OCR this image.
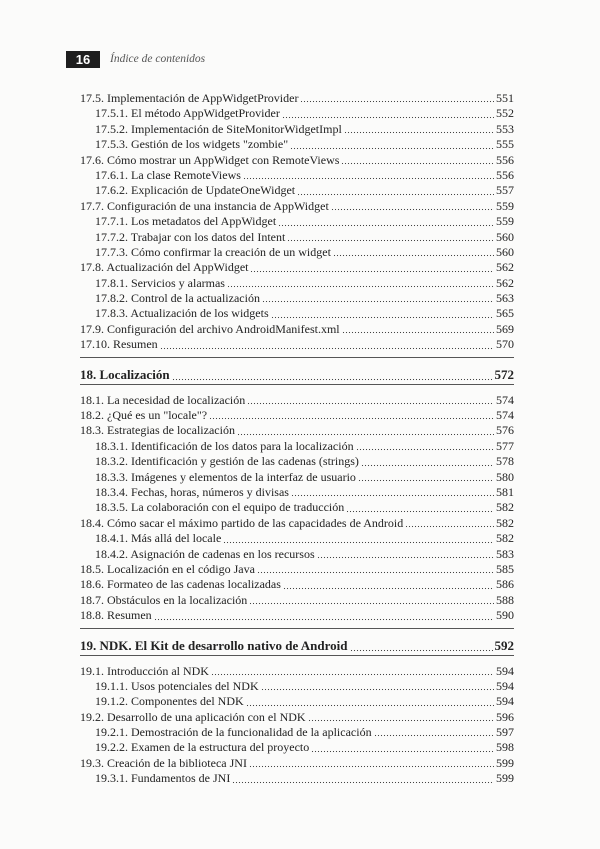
16	Índice de contenidos
17.5. Implementación de AppWidgetProvider	551
17.5.1. El método AppWidgetProvider	552
17.5.2. Implementación de SiteMonitorWidgetImpl	553
17.5.3. Gestión de los widgets "zombie"	555
17.6. Cómo mostrar un AppWidget con RemoteViews	556
17.6.1. La clase RemoteViews	556
17.6.2. Explicación de UpdateOneWidget	557
17.7. Configuración de una instancia de AppWidget	559
17.7.1. Los metadatos del AppWidget	559
17.7.2. Trabajar con los datos del Intent	560
17.7.3. Cómo confirmar la creación de un widget	560
17.8. Actualización del AppWidget	562
17.8.1. Servicios y alarmas	562
17.8.2. Control de la actualización	563
17.8.3. Actualización de los widgets	565
17.9. Configuración del archivo AndroidManifest.xml	569
17.10. Resumen	570
18. Localización	572
18.1. La necesidad de localización	574
18.2. ¿Qué es un "locale"?	574
18.3. Estrategias de localización	576
18.3.1. Identificación de los datos para la localización	577
18.3.2. Identificación y gestión de las cadenas (strings)	578
18.3.3. Imágenes y elementos de la interfaz de usuario	580
18.3.4. Fechas, horas, números y divisas	581
18.3.5. La colaboración con el equipo de traducción	582
18.4. Cómo sacar el máximo partido de las capacidades de Android	582
18.4.1. Más allá del locale	582
18.4.2. Asignación de cadenas en los recursos	583
18.5. Localización en el código Java	585
18.6. Formateo de las cadenas localizadas	586
18.7. Obstáculos en la localización	588
18.8. Resumen	590
19. NDK. El Kit de desarrollo nativo de Android	592
19.1. Introducción al NDK	594
19.1.1. Usos potenciales del NDK	594
19.1.2. Componentes del NDK	594
19.2. Desarrollo de una aplicación con el NDK	596
19.2.1. Demostración de la funcionalidad de la aplicación	597
19.2.2. Examen de la estructura del proyecto	598
19.3. Creación de la biblioteca JNI	599
19.3.1. Fundamentos de JNI	599
